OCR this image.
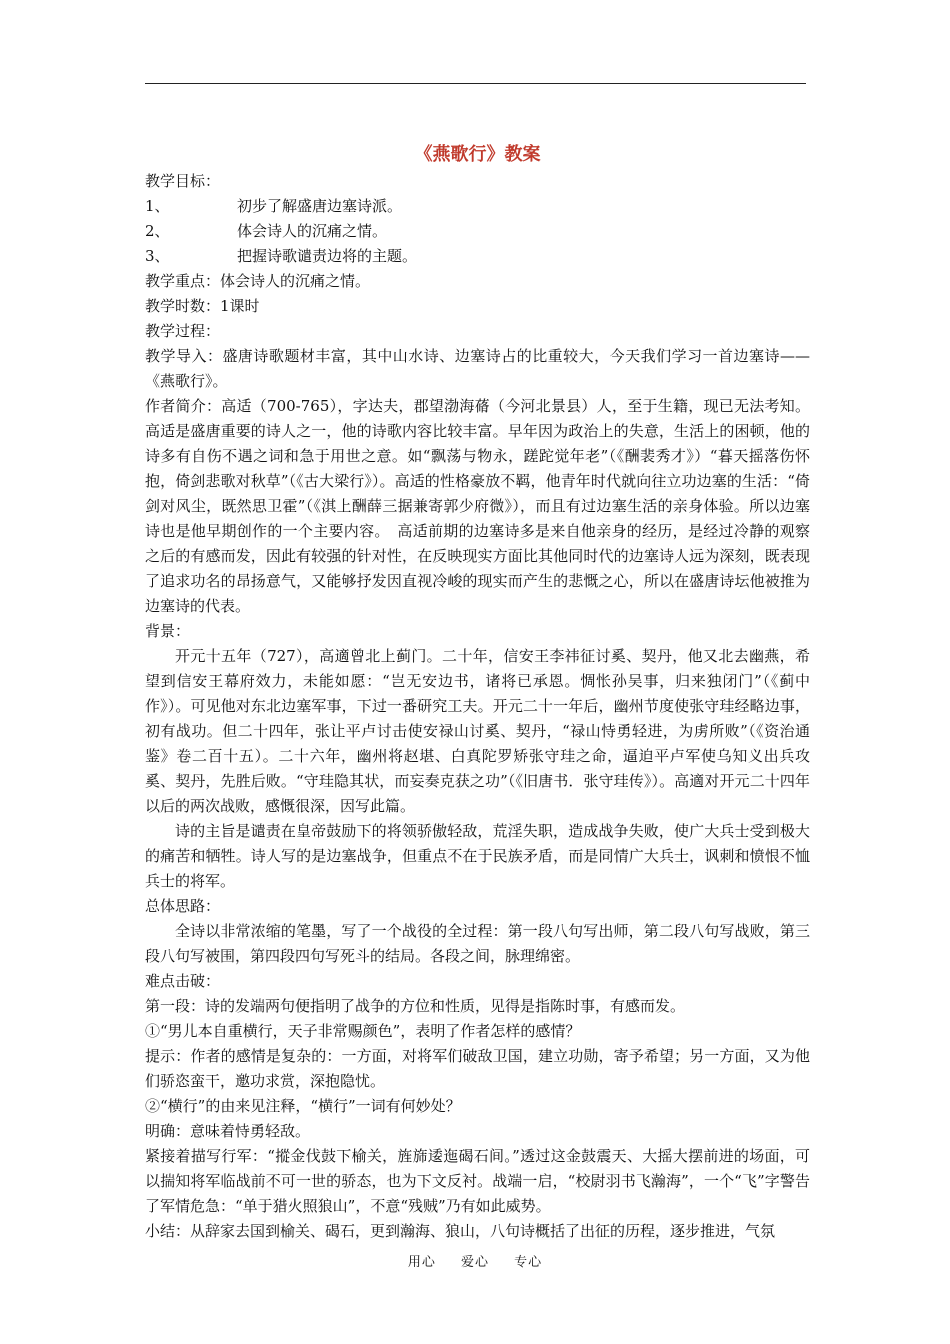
《燕歌行》教案

教学目标：

1、	初步了解盛唐边塞诗派。
2、	体会诗人的沉痛之情。
3、	把握诗歌谴责边将的主题。

教学重点：体会诗人的沉痛之情。

教学时数：1课时

教学过程：

教学导入：盛唐诗歌题材丰富，其中山水诗、边塞诗占的比重较大，今天我们学习一首边塞诗——《燕歌行》。

作者简介：高适（700-765），字达夫，郡望渤海蓨（今河北景县）人，至于生籍，现已无法考知。高适是盛唐重要的诗人之一，他的诗歌内容比较丰富。早年因为政治上的失意，生活上的困顿，他的诗多有自伤不遇之词和急于用世之意。如“飘荡与物永，蹉跎觉年老”（《酬裴秀才》）“暮天摇落伤怀抱，倚剑悲歌对秋草”（《古大梁行》）。高适的性格豪放不羁，他青年时代就向往立功边塞的生活：“倚剑对风尘，既然思卫霍”（《淇上酬薛三据兼寄郭少府微》），而且有过边塞生活的亲身体验。所以边塞诗也是他早期创作的一个主要内容。　高适前期的边塞诗多是来自他亲身的经历，是经过冷静的观察之后的有感而发，因此有较强的针对性，在反映现实方面比其他同时代的边塞诗人远为深刻，既表现了追求功名的昂扬意气，又能够抒发因直视冷峻的现实而产生的悲慨之心，所以在盛唐诗坛他被推为边塞诗的代表。

背景：

开元十五年（727），高適曾北上蓟门。二十年，信安王李祎征讨奚、契丹，他又北去幽燕，希望到信安王幕府效力，未能如愿：“岂无安边书，诸将已承恩。惆怅孙吴事，归来独闭门”（《蓟中作》）。可见他对东北边塞军事，下过一番研究工夫。开元二十一年后，幽州节度使张守珪经略边事，初有战功。但二十四年，张让平卢讨击使安禄山讨奚、契丹，“禄山恃勇轻进，为虏所败”（《资治通鉴》卷二百十五）。二十六年，幽州将赵堪、白真陀罗矫张守珪之命，逼迫平卢军使乌知义出兵攻奚、契丹，先胜后败。“守珪隐其状，而妄奏克获之功”（《旧唐书．张守珪传》）。高適对开元二十四年以后的两次战败，感慨很深，因写此篇。

诗的主旨是谴责在皇帝鼓励下的将领骄傲轻敌，荒淫失职，造成战争失败，使广大兵士受到极大的痛苦和牺牲。诗人写的是边塞战争，但重点不在于民族矛盾，而是同情广大兵士，讽刺和愤恨不恤兵士的将军。

总体思路：

全诗以非常浓缩的笔墨，写了一个战役的全过程：第一段八句写出师，第二段八句写战败，第三段八句写被围，第四段四句写死斗的结局。各段之间，脉理绵密。

难点击破：

第一段：诗的发端两句便指明了战争的方位和性质，见得是指陈时事，有感而发。

①“男儿本自重横行，天子非常赐颜色”，表明了作者怎样的感情？

提示：作者的感情是复杂的：一方面，对将军们破敌卫国，建立功勋，寄予希望；另一方面，又为他们骄恣蛮干，邀功求赏，深抱隐忧。

②“横行”的由来见注释，“横行”一词有何妙处？

明确：意味着恃勇轻敌。

紧接着描写行军：“摐金伐鼓下榆关，旌旆逶迤碣石间。”透过这金鼓震天、大摇大摆前进的场面，可以揣知将军临战前不可一世的骄态，也为下文反衬。战端一启，“校尉羽书飞瀚海”，一个“飞”字警告了军情危急：“单于猎火照狼山”，不意“残贼”乃有如此威势。

小结：从辞家去国到榆关、碣石，更到瀚海、狼山，八句诗概括了出征的历程，逐步推进，气氛

用心 爱心 专心
